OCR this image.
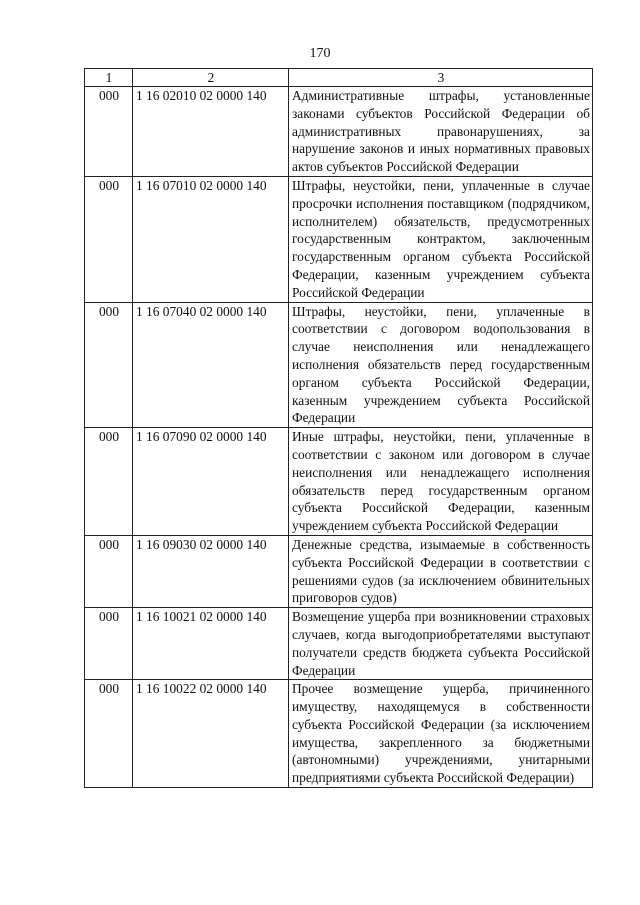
170
1	2	3
000	1 16 02010 02 0000 140	Административные штрафы, установленные законами субъектов Российской Федерации об административных правонарушениях, за нарушение законов и иных нормативных правовых актов субъектов Российской Федерации
000	1 16 07010 02 0000 140	Штрафы, неустойки, пени, уплаченные в случае просрочки исполнения поставщиком (подрядчиком, исполнителем) обязательств, предусмотренных государственным контрактом, заключенным государственным органом субъекта Российской Федерации, казенным учреждением субъекта Российской Федерации
000	1 16 07040 02 0000 140	Штрафы, неустойки, пени, уплаченные в соответствии с договором водопользования в случае неисполнения или ненадлежащего исполнения обязательств перед государственным органом субъекта Российской Федерации, казенным учреждением субъекта Российской Федерации
000	1 16 07090 02 0000 140	Иные штрафы, неустойки, пени, уплаченные в соответствии с законом или договором в случае неисполнения или ненадлежащего исполнения обязательств перед государственным органом субъекта Российской Федерации, казенным учреждением субъекта Российской Федерации
000	1 16 09030 02 0000 140	Денежные средства, изымаемые в собственность субъекта Российской Федерации в соответствии с решениями судов (за исключением обвинительных приговоров судов)
000	1 16 10021 02 0000 140	Возмещение ущерба при возникновении страховых случаев, когда выгодоприобретателями выступают получатели средств бюджета субъекта Российской Федерации
000	1 16 10022 02 0000 140	Прочее возмещение ущерба, причиненного имуществу, находящемуся в собственности субъекта Российской Федерации (за исключением имущества, закрепленного за бюджетными (автономными) учреждениями, унитарными предприятиями субъекта Российской Федерации)
